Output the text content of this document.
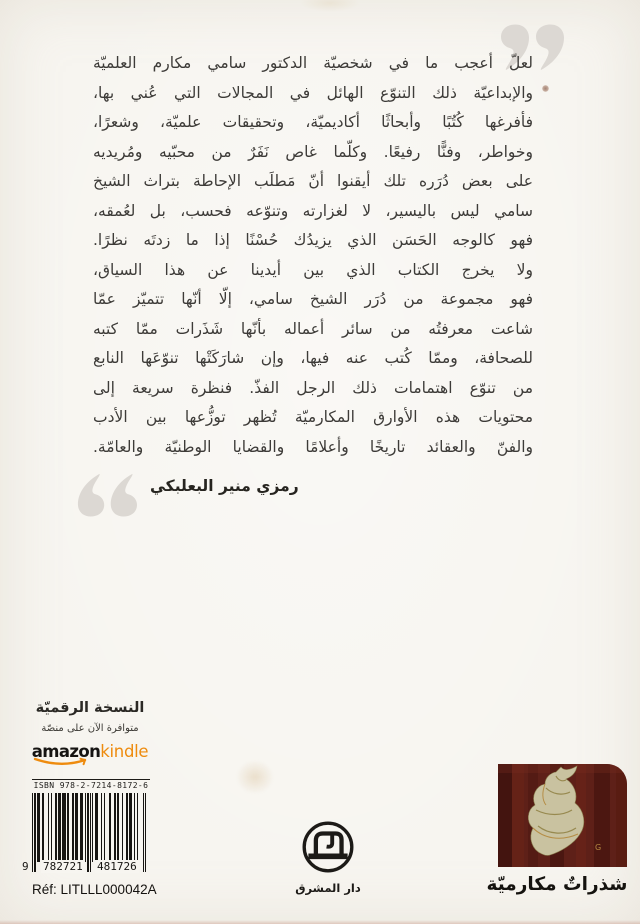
لعلّ أعجب ما في شخصيّة الدكتور سامي مكارم العلميّة
والإبداعيّة ذلك التنوّع الهائل في المجالات التي عُني بها،
فأفرغها كُتُبًا وأبحاثًا أكاديميّة، وتحقيقات علميّة، وشعرًا،
وخواطر، وفنًّا رفيعًا. وكلّما غاص نَفَرٌ من محبّيه ومُريديه
على بعض دُرَره تلك أيقنوا أنّ مَطلَب الإحاطة بتراث الشيخ
سامي ليس باليسير، لا لغزارته وتنوّعه فحسب، بل لعُمقه،
فهو كالوجه الحَسَن الذي يزيدُك حُسْنًا إذا ما زدتَه نظرًا.
ولا يخرج الكتاب الذي بين أيدينا عن هذا السياق،
فهو مجموعة من دُرَر الشيخ سامي، إلّا أنّها تتميّز عمّا
شاعت معرفتُه من سائر أعماله بأنّها شَذَرات ممّا كتبه
للصحافة، وممّا كُتب عنه فيها، وإن شارَكَتْها تنوّعَها النابع
من تنوّع اهتمامات ذلك الرجل الفذّ. فنظرة سريعة إلى
محتويات هذه الأوارق المكارميّة تُظهر توزُّعها بين الأدب
والفنّ والعقائد تاريخًا وأعلامًا والقضايا الوطنيّة والعامّة.
رمزي منير البعلبكي
النسخة الرقميّة
متوافرة الآن على منصّة
amazonkindle
ISBN 978-2-7214-8172-6
9 782721 481726
Réf: LITLLL000042A	دار المشرق
G
شذراتٌ مكارميّة
